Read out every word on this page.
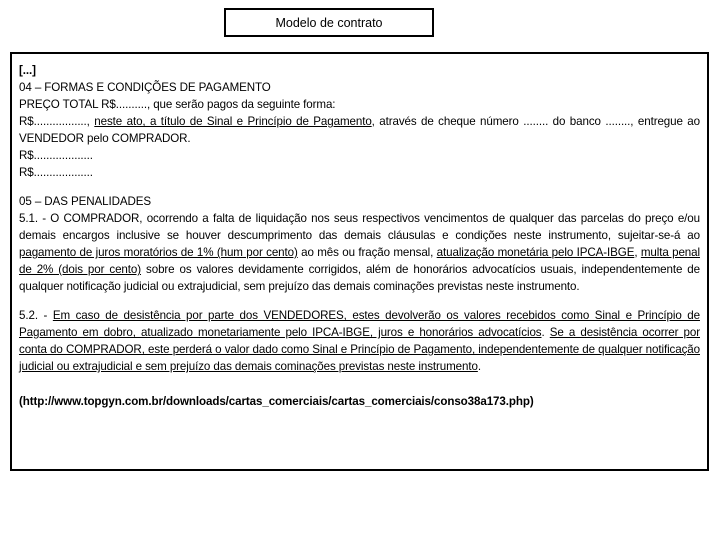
Modelo de contrato

[...]

04 – FORMAS E CONDIÇÕES DE PAGAMENTO

PREÇO TOTAL R$.........., que serão pagos da seguinte forma:

R$................., neste ato, a título de Sinal e Princípio de Pagamento, através de cheque número ........ do banco ........, entregue ao VENDEDOR pelo COMPRADOR.

R$...................

R$...................

05 – DAS PENALIDADES

5.1. - O COMPRADOR, ocorrendo a falta de liquidação nos seus respectivos vencimentos de qualquer das parcelas do preço e/ou demais encargos inclusive se houver descumprimento das demais cláusulas e condições neste instrumento, sujeitar-se-á ao pagamento de juros moratórios de 1% (hum por cento) ao mês ou fração mensal, atualização monetária pelo IPCA-IBGE, multa penal de 2% (dois por cento) sobre os valores devidamente corrigidos, além de honorários advocatícios usuais, independentemente de qualquer notificação judicial ou extrajudicial, sem prejuízo das demais cominações previstas neste instrumento.

5.2. - Em caso de desistência por parte dos VENDEDORES, estes devolverão os valores recebidos como Sinal e Princípio de Pagamento em dobro, atualizado monetariamente pelo IPCA-IBGE, juros e honorários advocatícios. Se a desistência ocorrer por conta do COMPRADOR, este perderá o valor dado como Sinal e Princípio de Pagamento, independentemente de qualquer notificação judicial ou extrajudicial e sem prejuízo das demais cominações previstas neste instrumento.

(http://www.topgyn.com.br/downloads/cartas_comerciais/cartas_comerciais/conso38a173.php)
